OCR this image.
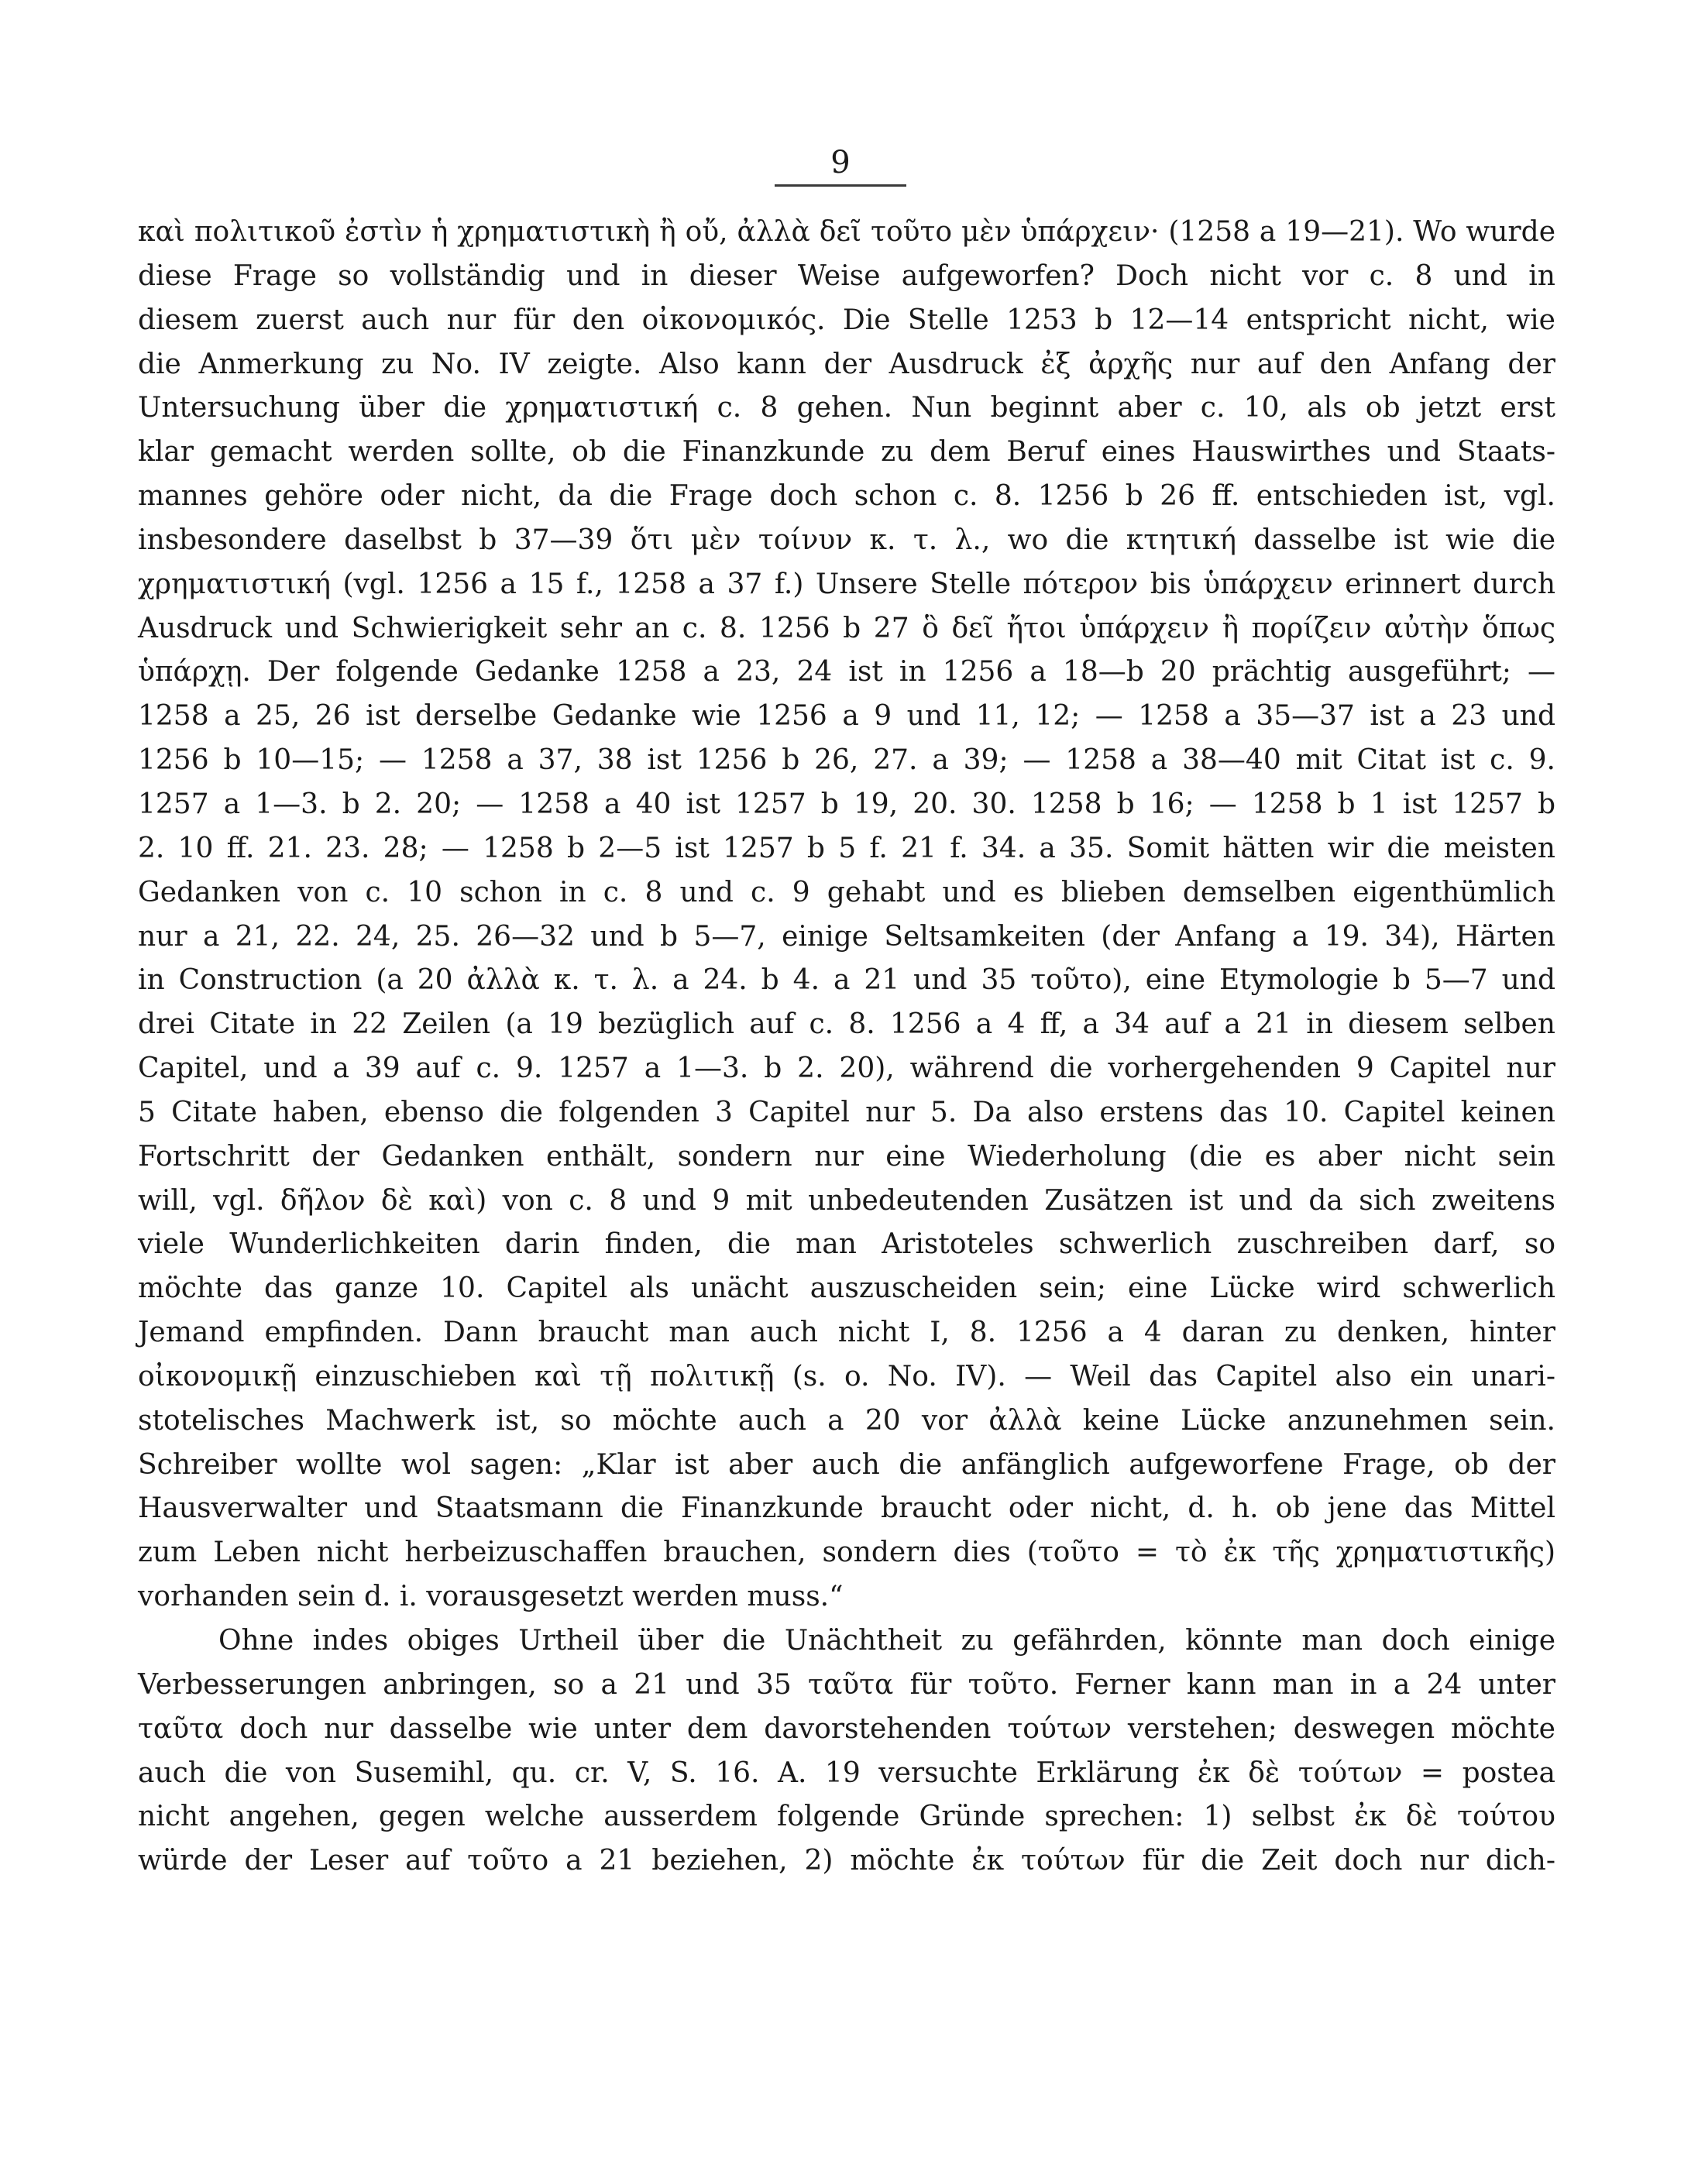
9
καὶ πολιτικοῦ ἐστὶν ἡ χρηματιστικὴ ἢ οὔ, ἀλλὰ δεῖ τοῦτο μὲν ὑπάρχειν· (1258 a 19—21). Wo wurde
diese Frage so vollständig und in dieser Weise aufgeworfen? Doch nicht vor c. 8 und in
diesem zuerst auch nur für den οἰκονομικός. Die Stelle 1253 b 12—14 entspricht nicht, wie
die Anmerkung zu No. IV zeigte. Also kann der Ausdruck ἐξ ἀρχῆς nur auf den Anfang der
Untersuchung über die χρηματιστική c. 8 gehen. Nun beginnt aber c. 10, als ob jetzt erst
klar gemacht werden sollte, ob die Finanzkunde zu dem Beruf eines Hauswirthes und Staats-
mannes gehöre oder nicht, da die Frage doch schon c. 8. 1256 b 26 ff. entschieden ist, vgl.
insbesondere daselbst b 37—39 ὅτι μὲν τοίνυν κ. τ. λ., wo die κτητική dasselbe ist wie die
χρηματιστική (vgl. 1256 a 15 f., 1258 a 37 f.) Unsere Stelle πότερον bis ὑπάρχειν erinnert durch
Ausdruck und Schwierigkeit sehr an c. 8. 1256 b 27 ὃ δεῖ ἤτοι ὑπάρχειν ἢ πορίζειν αὐτὴν ὅπως
ὑπάρχῃ. Der folgende Gedanke 1258 a 23, 24 ist in 1256 a 18—b 20 prächtig ausgeführt; —
1258 a 25, 26 ist derselbe Gedanke wie 1256 a 9 und 11, 12; — 1258 a 35—37 ist a 23 und
1256 b 10—15; — 1258 a 37, 38 ist 1256 b 26, 27. a 39; — 1258 a 38—40 mit Citat ist c. 9.
1257 a 1—3. b 2. 20; — 1258 a 40 ist 1257 b 19, 20. 30. 1258 b 16; — 1258 b 1 ist 1257 b
2. 10 ff. 21. 23. 28; — 1258 b 2—5 ist 1257 b 5 f. 21 f. 34. a 35. Somit hätten wir die meisten
Gedanken von c. 10 schon in c. 8 und c. 9 gehabt und es blieben demselben eigenthümlich
nur a 21, 22. 24, 25. 26—32 und b 5—7, einige Seltsamkeiten (der Anfang a 19. 34), Härten
in Construction (a 20 ἀλλὰ κ. τ. λ. a 24. b 4. a 21 und 35 τοῦτο), eine Etymologie b 5—7 und
drei Citate in 22 Zeilen (a 19 bezüglich auf c. 8. 1256 a 4 ff, a 34 auf a 21 in diesem selben
Capitel, und a 39 auf c. 9. 1257 a 1—3. b 2. 20), während die vorhergehenden 9 Capitel nur
5 Citate haben, ebenso die folgenden 3 Capitel nur 5. Da also erstens das 10. Capitel keinen
Fortschritt der Gedanken enthält, sondern nur eine Wiederholung (die es aber nicht sein
will, vgl. δῆλον δὲ καὶ) von c. 8 und 9 mit unbedeutenden Zusätzen ist und da sich zweitens
viele Wunderlichkeiten darin finden, die man Aristoteles schwerlich zuschreiben darf, so
möchte das ganze 10. Capitel als unächt auszuscheiden sein; eine Lücke wird schwerlich
Jemand empfinden. Dann braucht man auch nicht I, 8. 1256 a 4 daran zu denken, hinter
οἰκονομικῇ einzuschieben καὶ τῇ πολιτικῇ (s. o. No. IV). — Weil das Capitel also ein unari-
stotelisches Machwerk ist, so möchte auch a 20 vor ἀλλὰ keine Lücke anzunehmen sein.
Schreiber wollte wol sagen: „Klar ist aber auch die anfänglich aufgeworfene Frage, ob der
Hausverwalter und Staatsmann die Finanzkunde braucht oder nicht, d. h. ob jene das Mittel
zum Leben nicht herbeizuschaffen brauchen, sondern dies (τοῦτο = τὸ ἐκ τῆς χρηματιστικῆς)
vorhanden sein d. i. vorausgesetzt werden muss.“
Ohne indes obiges Urtheil über die Unächtheit zu gefährden, könnte man doch einige
Verbesserungen anbringen, so a 21 und 35 ταῦτα für τοῦτο. Ferner kann man in a 24 unter
ταῦτα doch nur dasselbe wie unter dem davorstehenden τούτων verstehen; deswegen möchte
auch die von Susemihl, qu. cr. V, S. 16. A. 19 versuchte Erklärung ἐκ δὲ τούτων = postea
nicht angehen, gegen welche ausserdem folgende Gründe sprechen: 1) selbst ἐκ δὲ τούτου
würde der Leser auf τοῦτο a 21 beziehen, 2) möchte ἐκ τούτων für die Zeit doch nur dich-
